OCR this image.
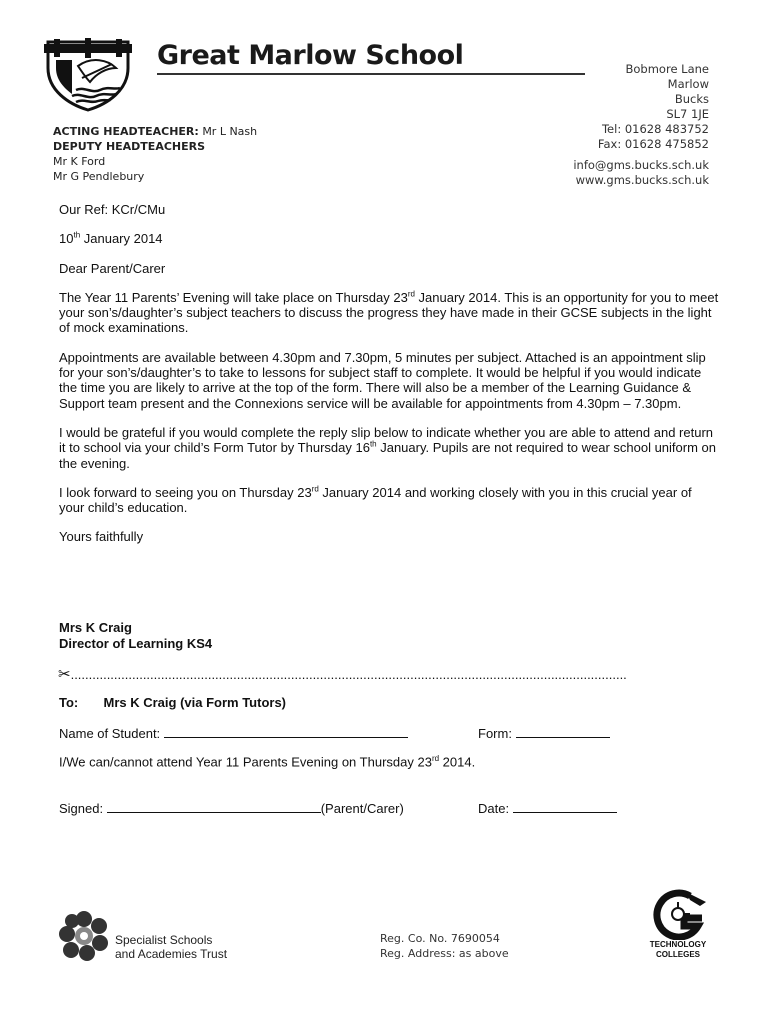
Great Marlow School	Bobmore Lane
Marlow
Bucks
SL7 1JE
Tel: 01628 483752
Fax: 01628 475852
info@gms.bucks.sch.uk
www.gms.bucks.sch.uk
ACTING HEADTEACHER: Mr L Nash
DEPUTY HEADTEACHERS
Mr K Ford
Mr G Pendlebury

Our Ref: KCr/CMu

10th January 2014

Dear Parent/Carer

The Year 11 Parents’ Evening will take place on Thursday 23rd January 2014. This is an opportunity for you to meet your son’s/daughter’s subject teachers to discuss the progress they have made in their GCSE subjects in the light of mock examinations.

Appointments are available between 4.30pm and 7.30pm, 5 minutes per subject. Attached is an appointment slip for your son’s/daughter’s to take to lessons for subject staff to complete. It would be helpful if you would indicate the time you are likely to arrive at the top of the form. There will also be a member of the Learning Guidance & Support team present and the Connexions service will be available for appointments from 4.30pm – 7.30pm.

I would be grateful if you would complete the reply slip below to indicate whether you are able to attend and return it to school via your child’s Form Tutor by Thursday 16th January. Pupils are not required to wear school uniform on the evening.

I look forward to seeing you on Thursday 23rd January 2014 and working closely with you in this crucial year of your child’s education.

Yours faithfully

Mrs K Craig
Director of Learning KS4
✂..........................................................................................................................................................
To: Mrs K Craig (via Form Tutors)
Name of Student:	Form:
I/We can/cannot attend Year 11 Parents Evening on Thursday 23rd 2014.
Signed:	(Parent/Carer)	Date:
Specialist Schools
and Academies Trust
Reg. Co. No. 7690054
Reg. Address: as above
TECHNOLOGY
COLLEGES
